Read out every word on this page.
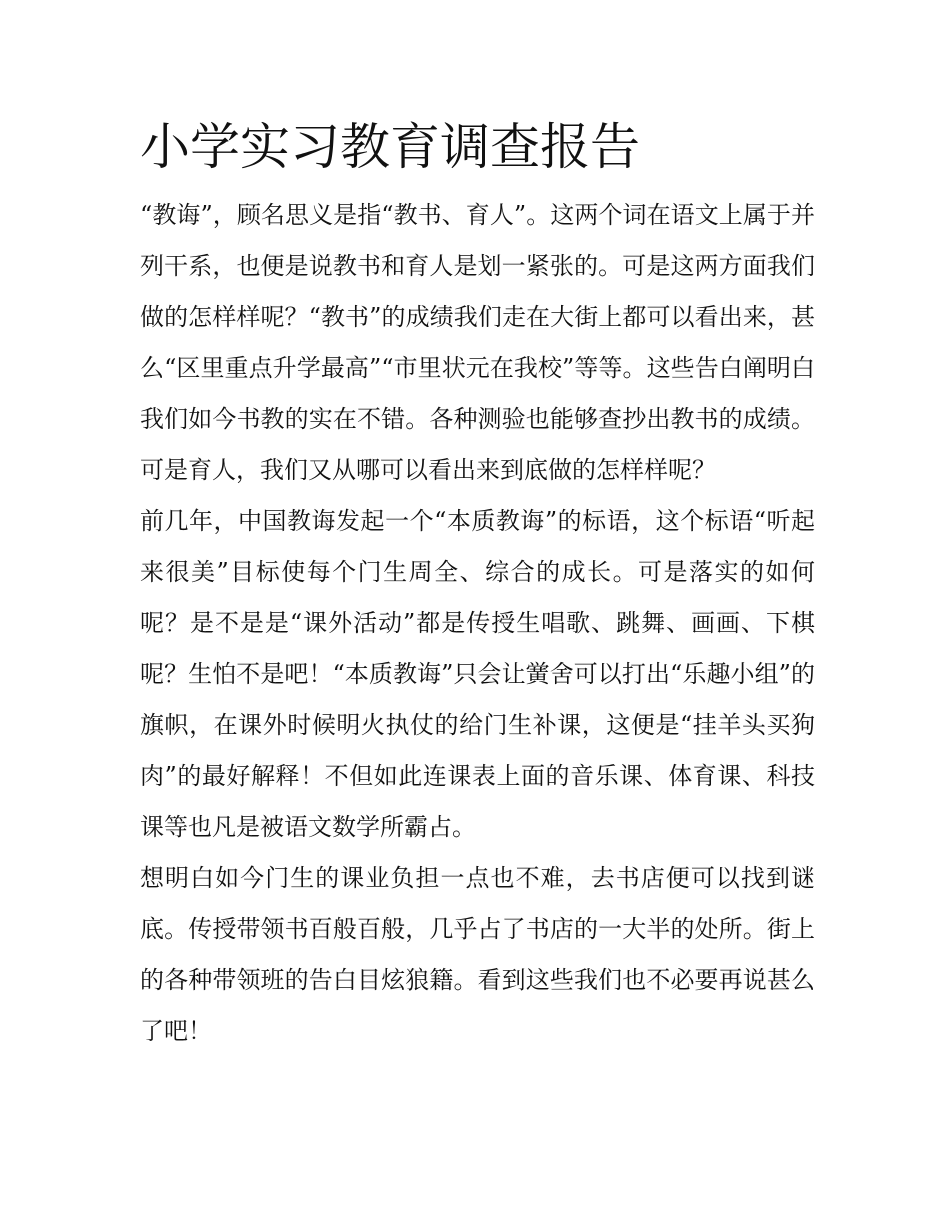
小学实习教育调查报告

“教诲”，顾名思义是指“教书、育人”。这两个词在语文上属于并列干系，也便是说教书和育人是划一紧张的。可是这两方面我们做的怎样样呢？“教书”的成绩我们走在大街上都可以看出来，甚么“区里重点升学最高”“市里状元在我校”等等。这些告白阐明白我们如今书教的实在不错。各种测验也能够查抄出教书的成绩。可是育人，我们又从哪可以看出来到底做的怎样样呢？

前几年，中国教诲发起一个“本质教诲”的标语，这个标语“听起来很美”目标使每个门生周全、综合的成长。可是落实的如何呢？是不是是“课外活动”都是传授生唱歌、跳舞、画画、下棋呢？生怕不是吧！“本质教诲”只会让黉舍可以打出“乐趣小组”的旗帜，在课外时候明火执仗的给门生补课，这便是“挂羊头买狗肉”的最好解释！不但如此连课表上面的音乐课、体育课、科技课等也凡是被语文数学所霸占。

想明白如今门生的课业负担一点也不难，去书店便可以找到谜底。传授带领书百般百般，几乎占了书店的一大半的处所。街上的各种带领班的告白目炫狼籍。看到这些我们也不必要再说甚么了吧！
